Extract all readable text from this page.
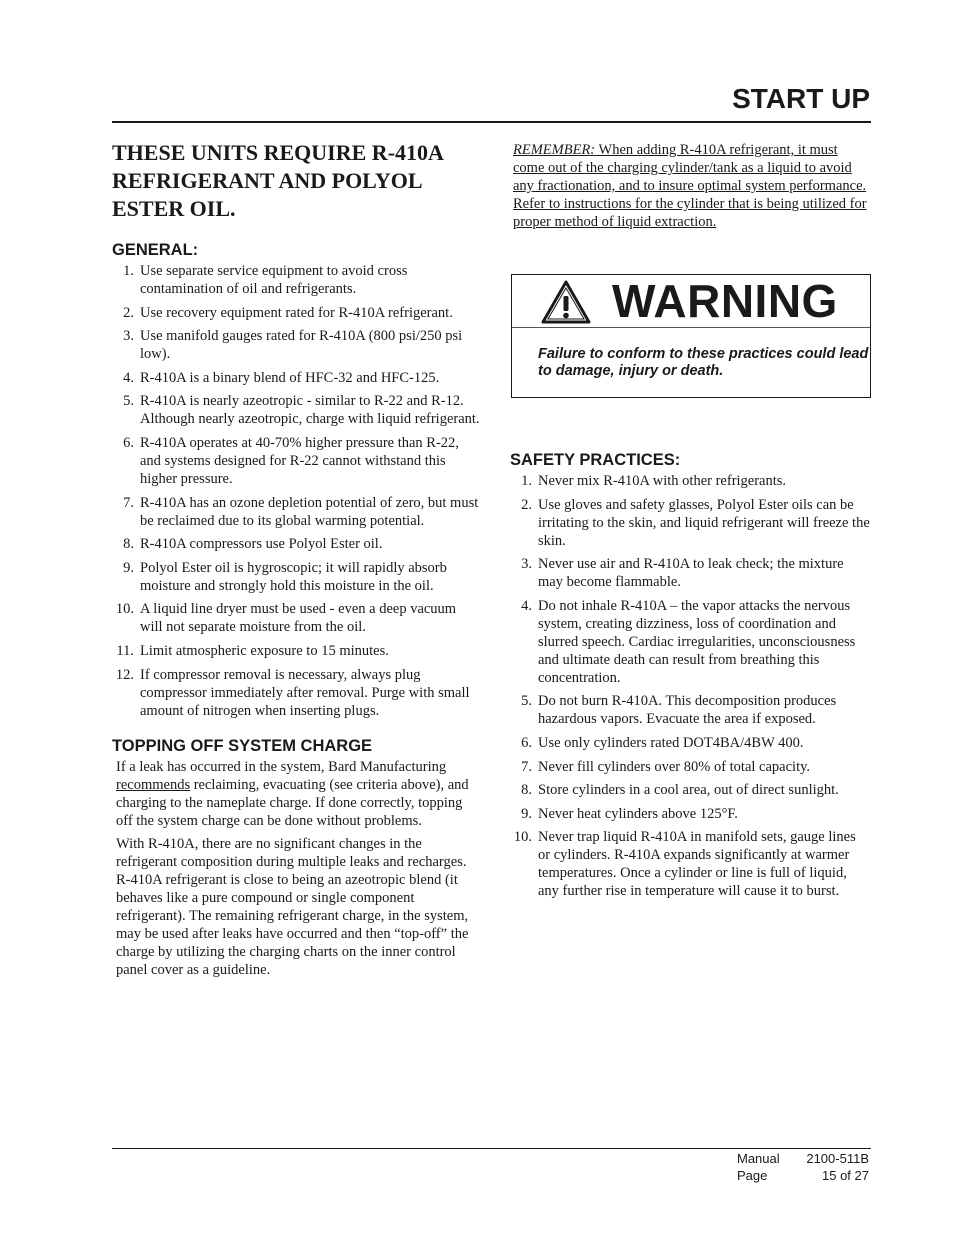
START UP
THESE UNITS REQUIRE R-410A REFRIGERANT AND POLYOL ESTER OIL.
GENERAL:
1. Use separate service equipment to avoid cross contamination of oil and refrigerants.
2. Use recovery equipment rated for R-410A refrigerant.
3. Use manifold gauges rated for R-410A (800 psi/250 psi low).
4. R-410A is a binary blend of HFC-32 and HFC-125.
5. R-410A is nearly azeotropic - similar to R-22 and R-12. Although nearly azeotropic, charge with liquid refrigerant.
6. R-410A operates at 40-70% higher pressure than R-22, and systems designed for R-22 cannot withstand this higher pressure.
7. R-410A has an ozone depletion potential of zero, but must be reclaimed due to its global warming potential.
8. R-410A compressors use Polyol Ester oil.
9. Polyol Ester oil is hygroscopic; it will rapidly absorb moisture and strongly hold this moisture in the oil.
10. A liquid line dryer must be used - even a deep vacuum will not separate moisture from the oil.
11. Limit atmospheric exposure to 15 minutes.
12. If compressor removal is necessary, always plug compressor immediately after removal. Purge with small amount of nitrogen when inserting plugs.
TOPPING OFF SYSTEM CHARGE

If a leak has occurred in the system, Bard Manufacturing recommends reclaiming, evacuating (see criteria above), and charging to the nameplate charge. If done correctly, topping off the system charge can be done without problems.

With R-410A, there are no significant changes in the refrigerant composition during multiple leaks and recharges. R-410A refrigerant is close to being an azeotropic blend (it behaves like a pure compound or single component refrigerant). The remaining refrigerant charge, in the system, may be used after leaks have occurred and then “top-off” the charge by utilizing the charging charts on the inner control panel cover as a guideline.

REMEMBER: When adding R-410A refrigerant, it must come out of the charging cylinder/tank as a liquid to avoid any fractionation, and to insure optimal system performance. Refer to instructions for the cylinder that is being utilized for proper method of liquid extraction.

WARNING

Failure to conform to these practices could lead to damage, injury or death.

SAFETY PRACTICES:
1. Never mix R-410A with other refrigerants.
2. Use gloves and safety glasses, Polyol Ester oils can be irritating to the skin, and liquid refrigerant will freeze the skin.
3. Never use air and R-410A to leak check; the mixture may become flammable.
4. Do not inhale R-410A – the vapor attacks the nervous system, creating dizziness, loss of coordination and slurred speech. Cardiac irregularities, unconsciousness and ultimate death can result from breathing this concentration.
5. Do not burn R-410A. This decomposition produces hazardous vapors. Evacuate the area if exposed.
6. Use only cylinders rated DOT4BA/4BW 400.
7. Never fill cylinders over 80% of total capacity.
8. Store cylinders in a cool area, out of direct sunlight.
9. Never heat cylinders above 125°F.
10. Never trap liquid R-410A in manifold sets, gauge lines or cylinders. R-410A expands significantly at warmer temperatures. Once a cylinder or line is full of liquid, any further rise in temperature will cause it to burst.
Manual 2100-511B
Page	15 of 27
